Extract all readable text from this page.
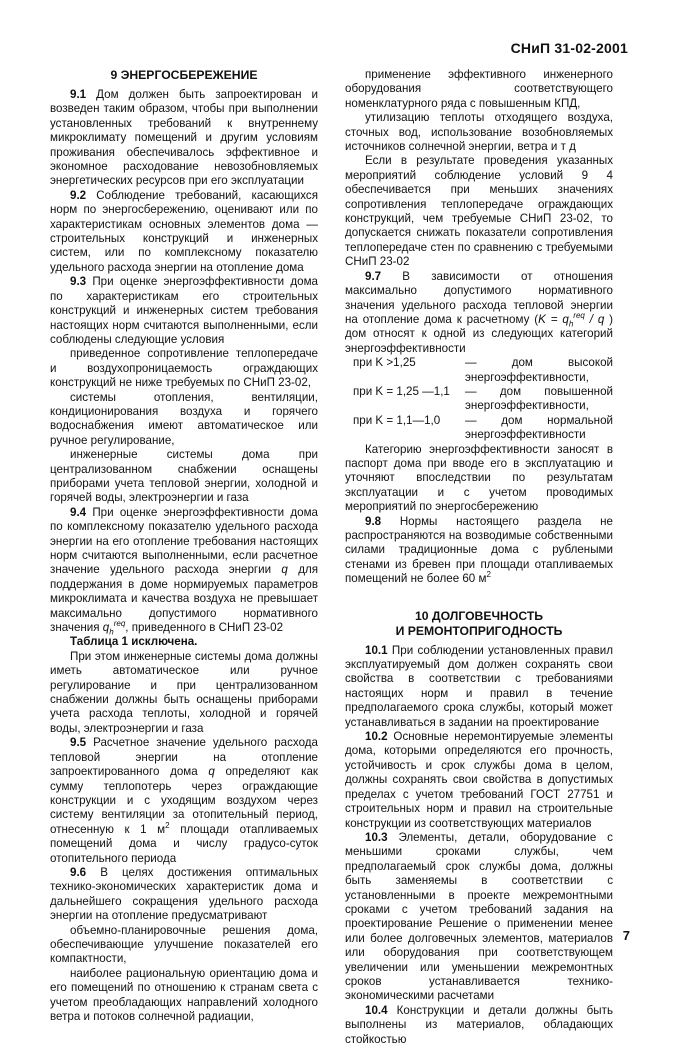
СНиП 31-02-2001

9 ЭНЕРГОСБЕРЕЖЕНИЕ

9.1 Дом должен быть запроектирован и возведен таким образом, чтобы при выполнении установленных требований к внутреннему микроклимату помещений и другим условиям проживания обеспечивалось эффективное и экономное расходование невозобновляемых энергетических ресурсов при его эксплуатации

9.2 Соблюдение требований, касающихся норм по энергосбережению, оценивают или по характеристикам основных элементов дома — строительных конструкций и инженерных систем, или по комплексному показателю удельного расхода энергии на отопление дома

9.3 При оценке энергоэффективности дома по характеристикам его строительных конструкций и инженерных систем требования настоящих норм считаются выполненными, если соблюдены следующие условия

приведенное сопротивление теплопередаче и воздухопроницаемость ограждающих конструкций не ниже требуемых по СНиП 23-02,

системы отопления, вентиляции, кондиционирования воздуха и горячего водоснабжения имеют автоматическое или ручное регулирование,

инженерные системы дома при централизованном снабжении оснащены приборами учета тепловой энергии, холодной и горячей воды, электроэнергии и газа

9.4 При оценке энергоэффективности дома по комплексному показателю удельного расхода энергии на его отопление требования настоящих норм считаются выполненными, если расчетное значение удельного расхода энергии q для поддержания в доме нормируемых параметров микроклимата и качества воздуха не превышает максимально допустимого нормативного значения $q_h^{req}$, приведенного в СНиП 23-02

Таблица 1 исключена.

При этом инженерные системы дома должны иметь автоматическое или ручное регулирование и при централизованном снабжении должны быть оснащены приборами учета расхода теплоты, холодной и горячей воды, электроэнергии и газа

9.5 Расчетное значение удельного расхода тепловой энергии на отопление запроектированного дома q определяют как сумму теплопотерь через ограждающие конструкции и с уходящим воздухом через систему вентиляции за отопительный период, отнесенную к 1 $м^2$ площади отапливаемых помещений дома и числу градусо-суток отопительного периода

9.6 В целях достижения оптимальных технико-экономических характеристик дома и дальнейшего сокращения удельного расхода энергии на отопление предусматривают

объемно-планировочные решения дома, обеспечивающие улучшение показателей его компактности,

наиболее рациональную ориентацию дома и его помещений по отношению к странам света с учетом преобладающих направлений холодного ветра и потоков солнечной радиации,

применение эффективного инженерного оборудования соответствующего номенклатурного ряда с повышенным КПД,

утилизацию теплоты отходящего воздуха, сточных вод, использование возобновляемых источников солнечной энергии, ветра и т д

Если в результате проведения указанных мероприятий соблюдение условий 9 4 обеспечивается при меньших значениях сопротивления теплопередаче ограждающих конструкций, чем требуемые СНиП 23-02, то допускается снижать показатели сопротивления теплопередаче стен по сравнению с требуемыми СНиП 23-02

9.7 В зависимости от отношения максимально допустимого нормативного значения удельного расхода тепловой энергии на отопление дома к расчетному ($K = q_h^{req} / q$ ) дом относят к одной из следующих категорий энергоэффективности

при K >1,25	— дом высокой энергоэффективности,
при K = 1,25 —1,1	— дом повышенной энергоэффективности,
при K = 1,1—1,0	— дом нормальной энергоэффективности

Категорию энергоэффективности заносят в паспорт дома при вводе его в эксплуатацию и уточняют впоследствии по результатам эксплуатации и с учетом проводимых мероприятий по энергосбережению

9.8 Нормы настоящего раздела не распространяются на возводимые собственными силами традиционные дома с рублеными стенами из бревен при площади отапливаемых помещений не более 60 $м^2$

10 ДОЛГОВЕЧНОСТЬ
И РЕМОНТОПРИГОДНОСТЬ

10.1 При соблюдении установленных правил эксплуатируемый дом должен сохранять свои свойства в соответствии с требованиями настоящих норм и правил в течение предполагаемого срока службы, который может устанавливаться в задании на проектирование

10.2 Основные неремонтируемые элементы дома, которыми определяются его прочность, устойчивость и срок службы дома в целом, должны сохранять свои свойства в допустимых пределах с учетом требований ГОСТ 27751 и строительных норм и правил на строительные конструкции из соответствующих материалов

10.3 Элементы, детали, оборудование с меньшими сроками службы, чем предполагаемый срок службы дома, должны быть заменяемы в соответствии с установленными в проекте межремонтными сроками с учетом требований задания на проектирование Решение о применении менее или более долговечных элементов, материалов или оборудования при соответствующем увеличении или уменьшении межремонтных сроков устанавливается технико-экономическими расчетами

10.4 Конструкции и детали должны быть выполнены из материалов, обладающих стойкостью

7
